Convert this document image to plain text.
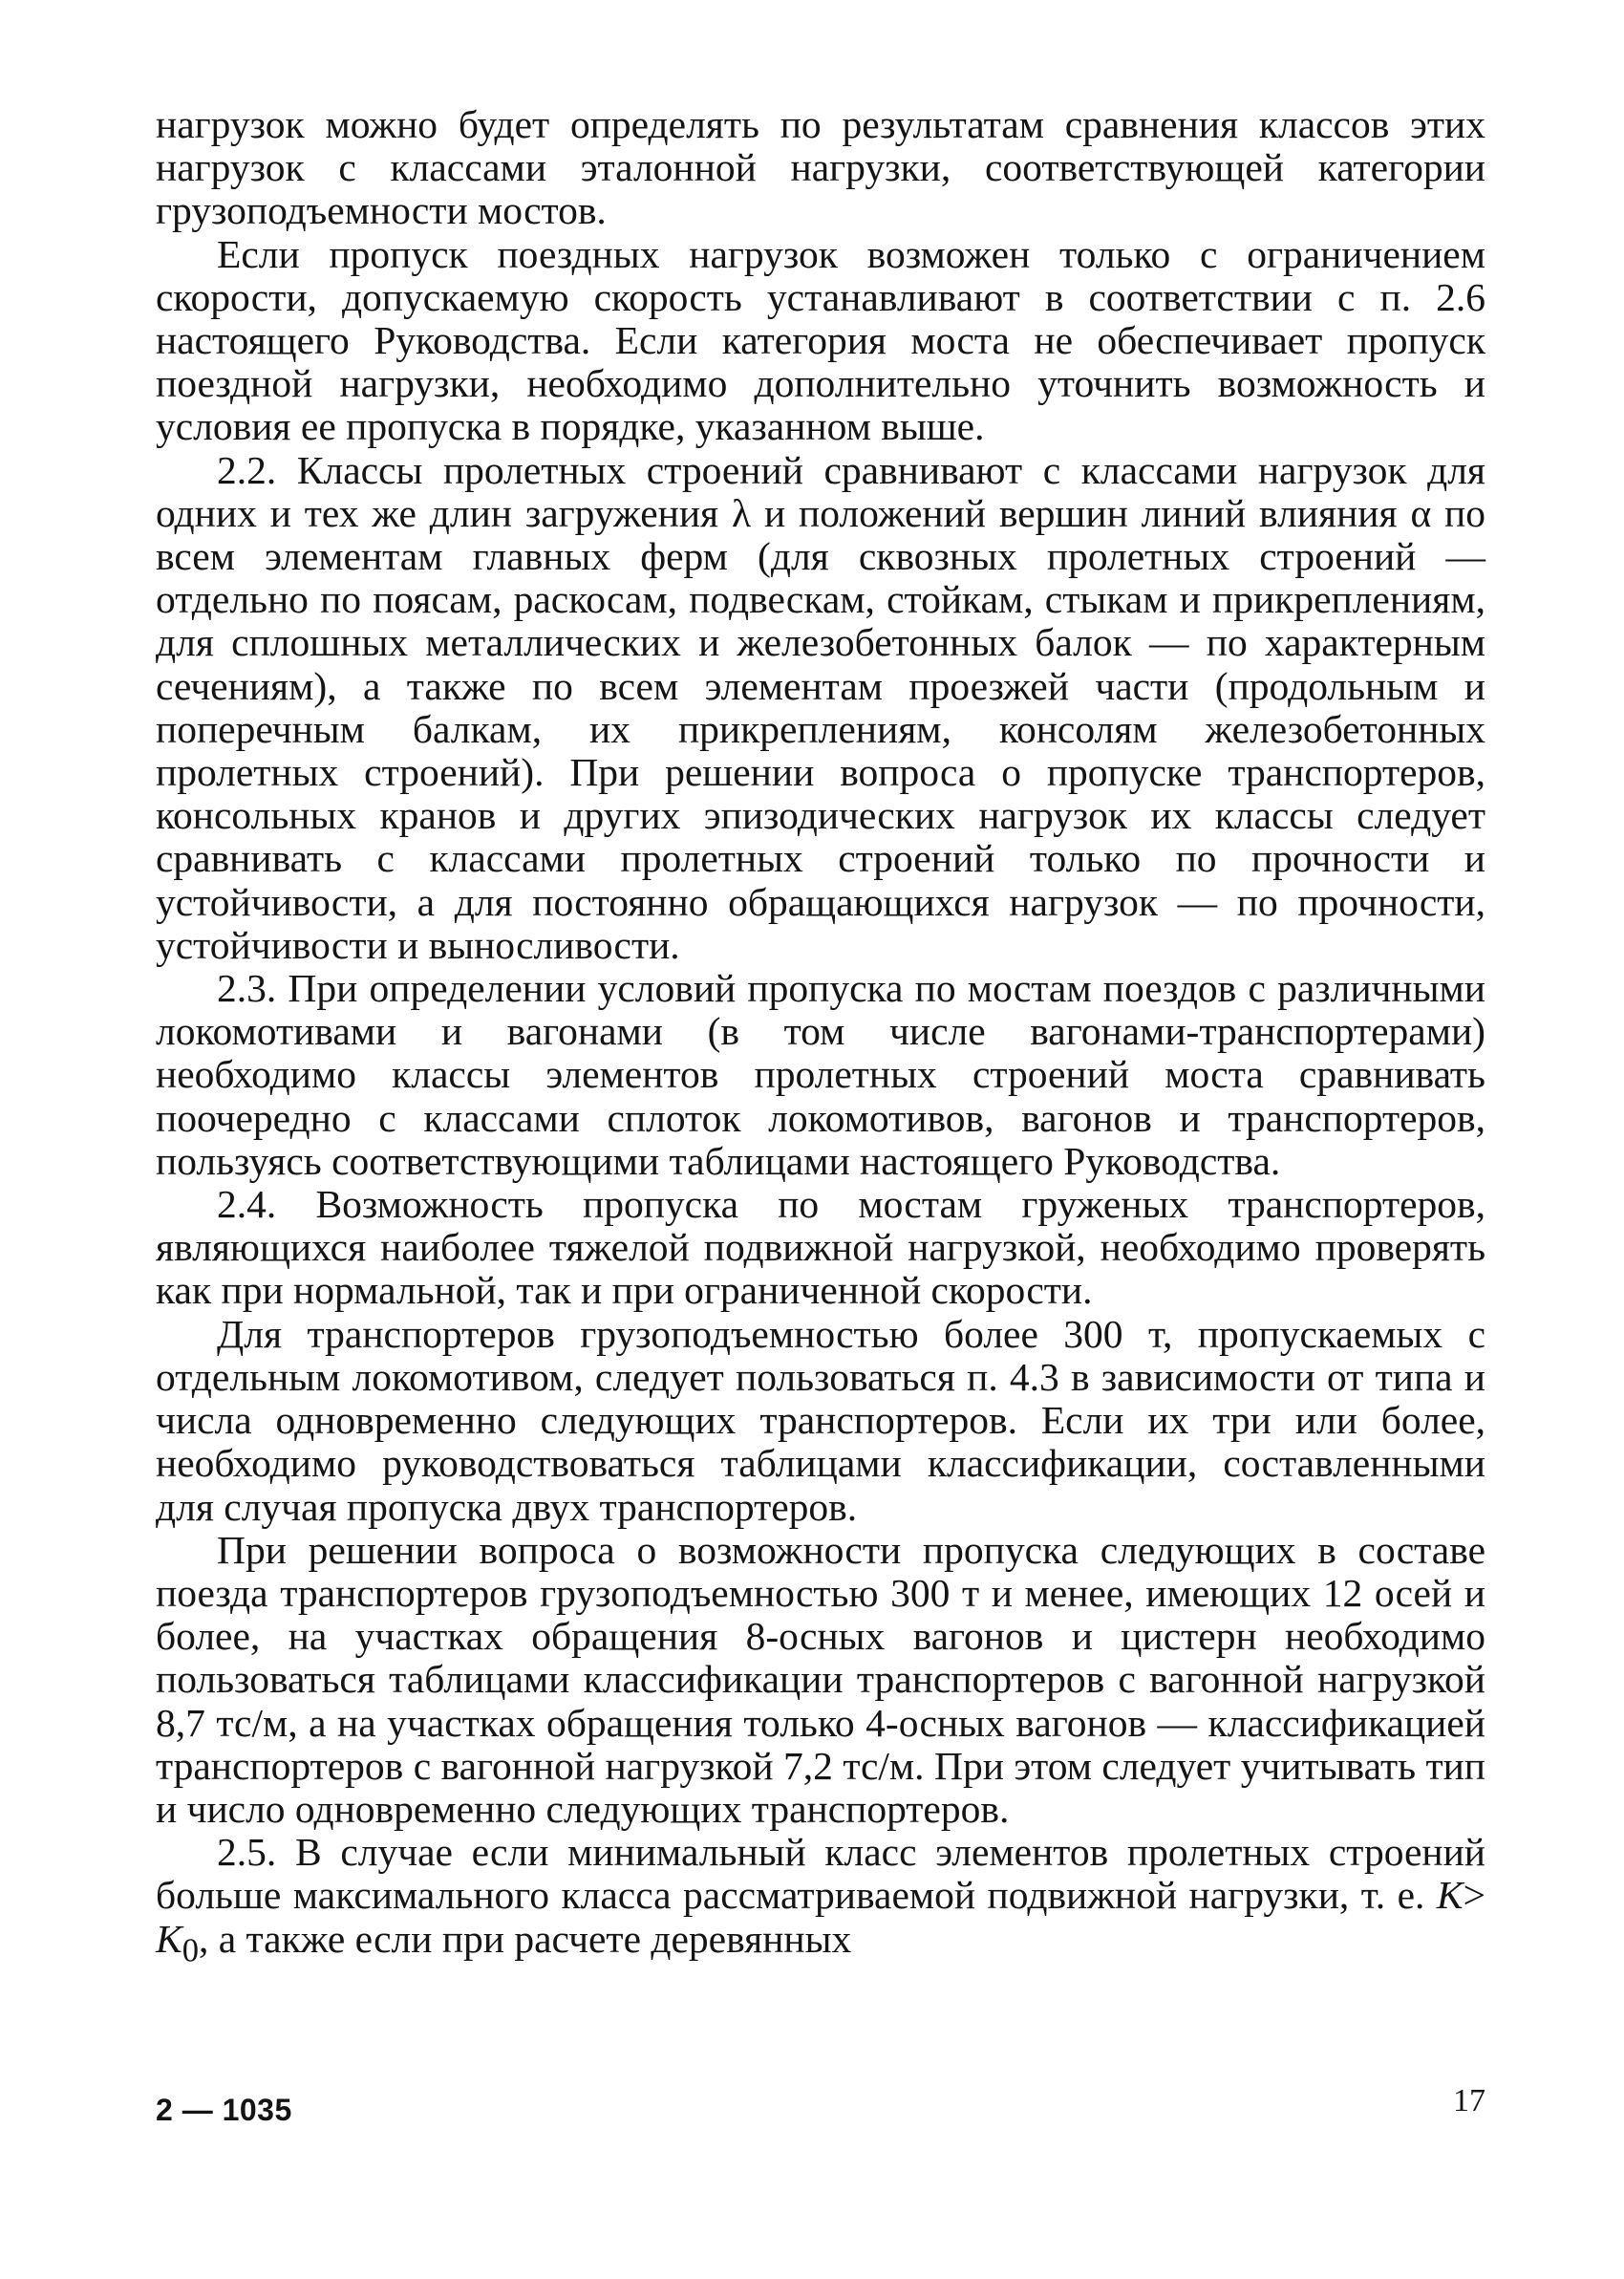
нагрузок можно будет определять по результатам сравнения классов этих нагрузок с классами эталонной нагрузки, соответствующей категории грузоподъемности мостов.

Если пропуск поездных нагрузок возможен только с ограничением скорости, допускаемую скорость устанавливают в соответствии с п. 2.6 настоящего Руководства. Если категория моста не обеспечивает пропуск поездной нагрузки, необходимо дополнительно уточнить возможность и условия ее пропуска в порядке, указанном выше.

2.2. Классы пролетных строений сравнивают с классами нагрузок для одних и тех же длин загружения λ и положений вершин линий влияния α по всем элементам главных ферм (для сквозных пролетных строений — отдельно по поясам, раскосам, подвескам, стойкам, стыкам и прикреплениям, для сплошных металлических и железобетонных балок — по характерным сечениям), а также по всем элементам проезжей части (продольным и поперечным балкам, их прикреплениям, консолям железобетонных пролетных строений). При решении вопроса о пропуске транспортеров, консольных кранов и других эпизодических нагрузок их классы следует сравнивать с классами пролетных строений только по прочности и устойчивости, а для постоянно обращающихся нагрузок — по прочности, устойчивости и выносливости.

2.3. При определении условий пропуска по мостам поездов с различными локомотивами и вагонами (в том числе вагонами-транспортерами) необходимо классы элементов пролетных строений моста сравнивать поочередно с классами сплоток локомотивов, вагонов и транспортеров, пользуясь соответствующими таблицами настоящего Руководства.

2.4. Возможность пропуска по мостам груженых транспортеров, являющихся наиболее тяжелой подвижной нагрузкой, необходимо проверять как при нормальной, так и при ограниченной скорости.

Для транспортеров грузоподъемностью более 300 т, пропускаемых с отдельным локомотивом, следует пользоваться п. 4.3 в зависимости от типа и числа одновременно следующих транспортеров. Если их три или более, необходимо руководствоваться таблицами классификации, составленными для случая пропуска двух транспортеров.

При решении вопроса о возможности пропуска следующих в составе поезда транспортеров грузоподъемностью 300 т и менее, имеющих 12 осей и более, на участках обращения 8-осных вагонов и цистерн необходимо пользоваться таблицами классификации транспортеров с вагонной нагрузкой 8,7 тс/м, а на участках обращения только 4-осных вагонов — классификацией транспортеров с вагонной нагрузкой 7,2 тс/м. При этом следует учитывать тип и число одновременно следующих транспортеров.

2.5. В случае если минимальный класс элементов пролетных строений больше максимального класса рассматриваемой подвижной нагрузки, т. е. $K> K_0$, а также если при расчете деревянных

2 — 1035	17
